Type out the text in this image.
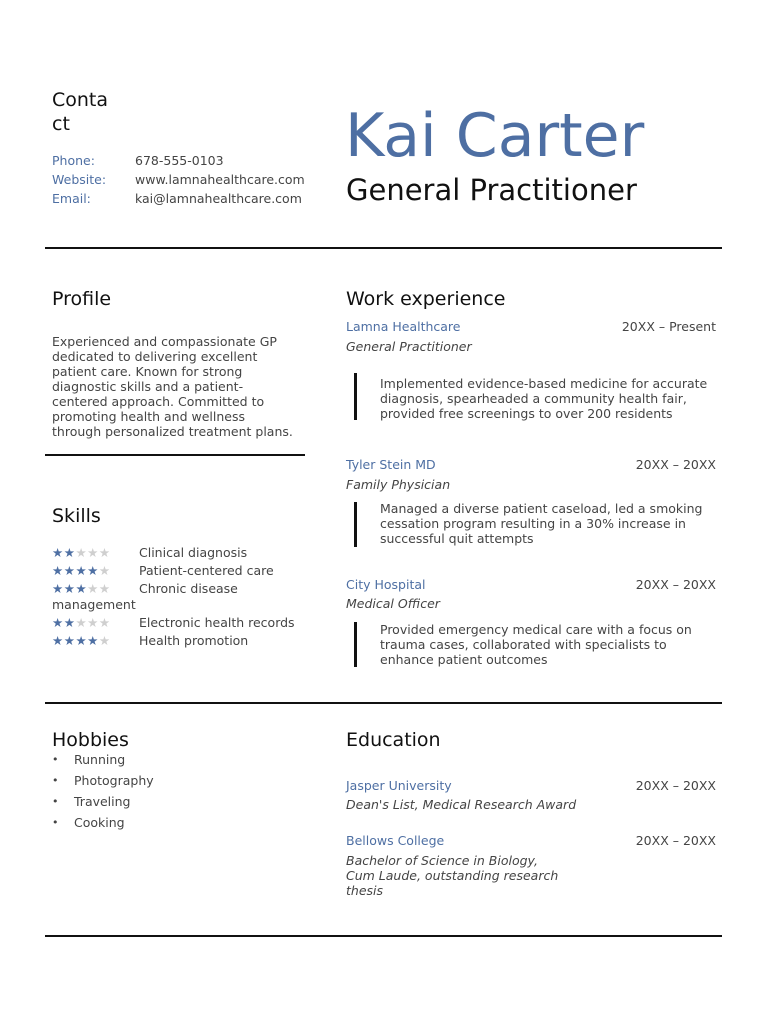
Conta
ct
Phone:	678-555-0103
Website:	www.lamnahealthcare.com
Email:	kai@lamnahealthcare.com
Kai Carter
General Practitioner
Profile
Experienced and compassionate GP
dedicated to delivering excellent
patient care. Known for strong
diagnostic skills and a patient-
centered approach. Committed to
promoting health and wellness
through personalized treatment plans.
Skills
★★★★★	Clinical diagnosis
★★★★★	Patient-centered care
★★★★★	Chronic disease
management
★★★★★	Electronic health records
★★★★★	Health promotion
Work experience
Lamna Healthcare	20XX – Present
General Practitioner
Implemented evidence-based medicine for accurate
diagnosis, spearheaded a community health fair,
provided free screenings to over 200 residents
Tyler Stein MD	20XX – 20XX
Family Physician
Managed a diverse patient caseload, led a smoking
cessation program resulting in a 30% increase in
successful quit attempts
City Hospital	20XX – 20XX
Medical Officer
Provided emergency medical care with a focus on
trauma cases, collaborated with specialists to
enhance patient outcomes
Hobbies
• Running
• Photography
• Traveling
• Cooking
Education
Jasper University	20XX – 20XX
Dean's List, Medical Research Award
Bellows College	20XX – 20XX
Bachelor of Science in Biology,
Cum Laude, outstanding research
thesis
